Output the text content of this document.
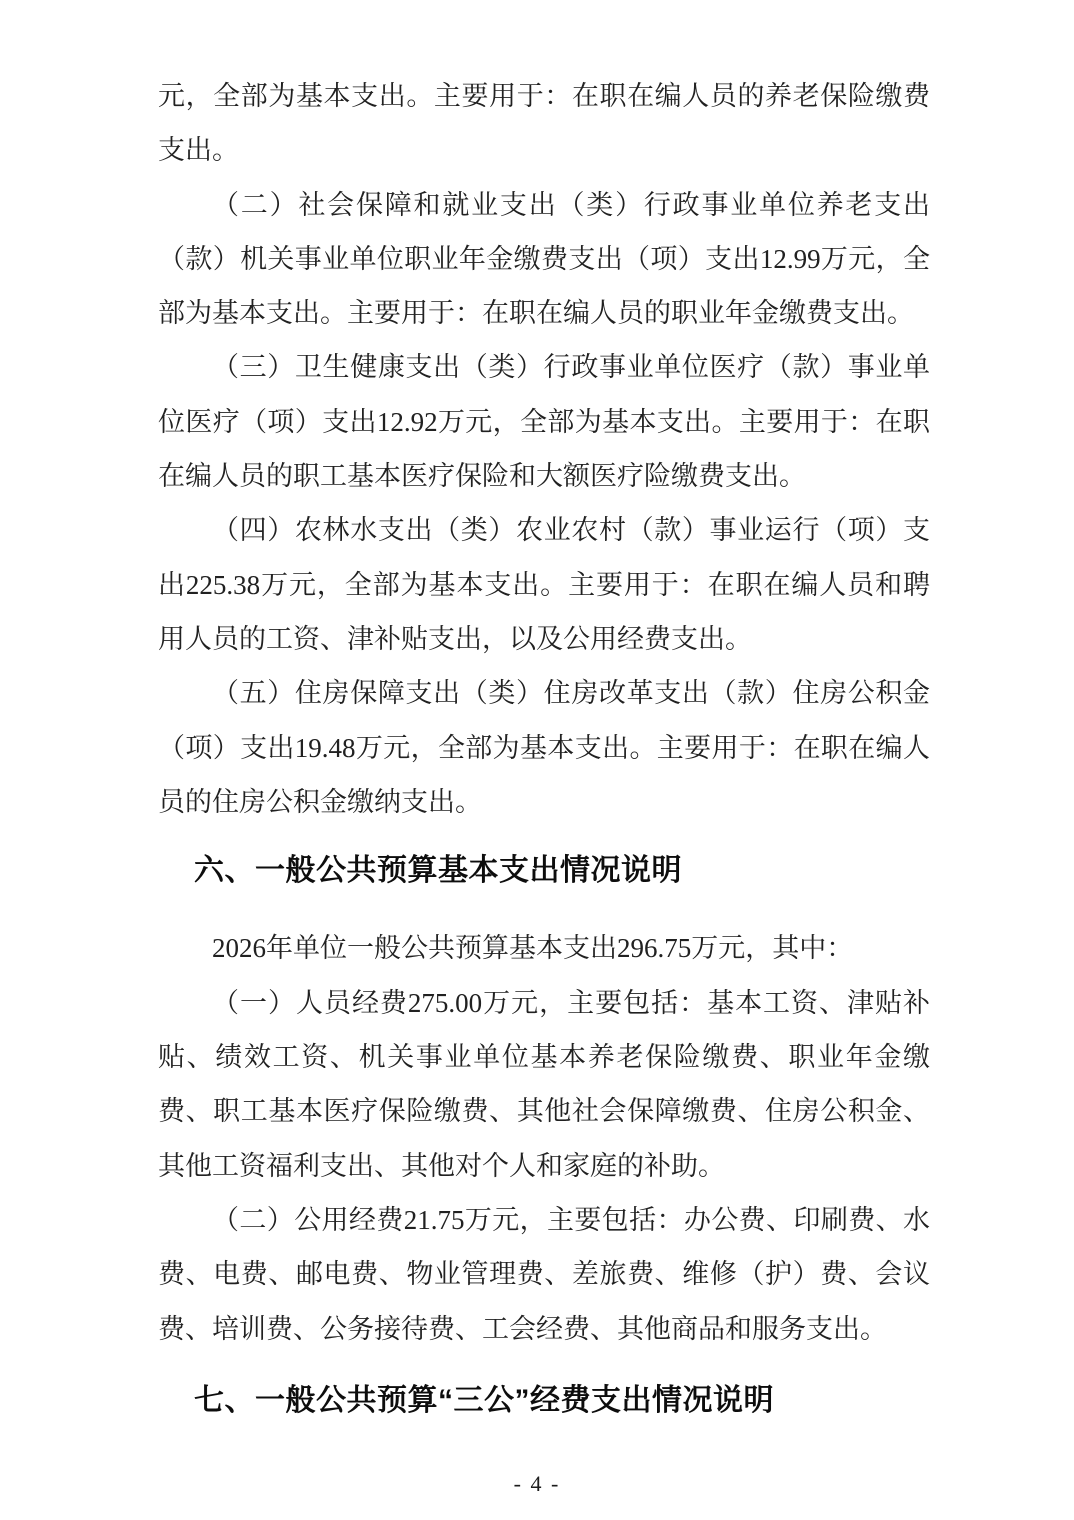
元，全部为基本支出。主要用于：在职在编人员的养老保险缴费
支出。
（二）社会保障和就业支出（类）行政事业单位养老支出
（款）机关事业单位职业年金缴费支出（项）支出12.99万元，全
部为基本支出。主要用于：在职在编人员的职业年金缴费支出。
（三）卫生健康支出（类）行政事业单位医疗（款）事业单
位医疗（项）支出12.92万元，全部为基本支出。主要用于：在职
在编人员的职工基本医疗保险和大额医疗险缴费支出。
（四）农林水支出（类）农业农村（款）事业运行（项）支
出225.38万元，全部为基本支出。主要用于：在职在编人员和聘
用人员的工资、津补贴支出，以及公用经费支出。
（五）住房保障支出（类）住房改革支出（款）住房公积金
（项）支出19.48万元，全部为基本支出。主要用于：在职在编人
员的住房公积金缴纳支出。
六、一般公共预算基本支出情况说明
2026年单位一般公共预算基本支出296.75万元，其中：
（一）人员经费275.00万元，主要包括：基本工资、津贴补
贴、绩效工资、机关事业单位基本养老保险缴费、职业年金缴
费、职工基本医疗保险缴费、其他社会保障缴费、住房公积金、
其他工资福利支出、其他对个人和家庭的补助。
（二）公用经费21.75万元，主要包括：办公费、印刷费、水
费、电费、邮电费、物业管理费、差旅费、维修（护）费、会议
费、培训费、公务接待费、工会经费、其他商品和服务支出。
七、一般公共预算“三公”经费支出情况说明
- 4 -
